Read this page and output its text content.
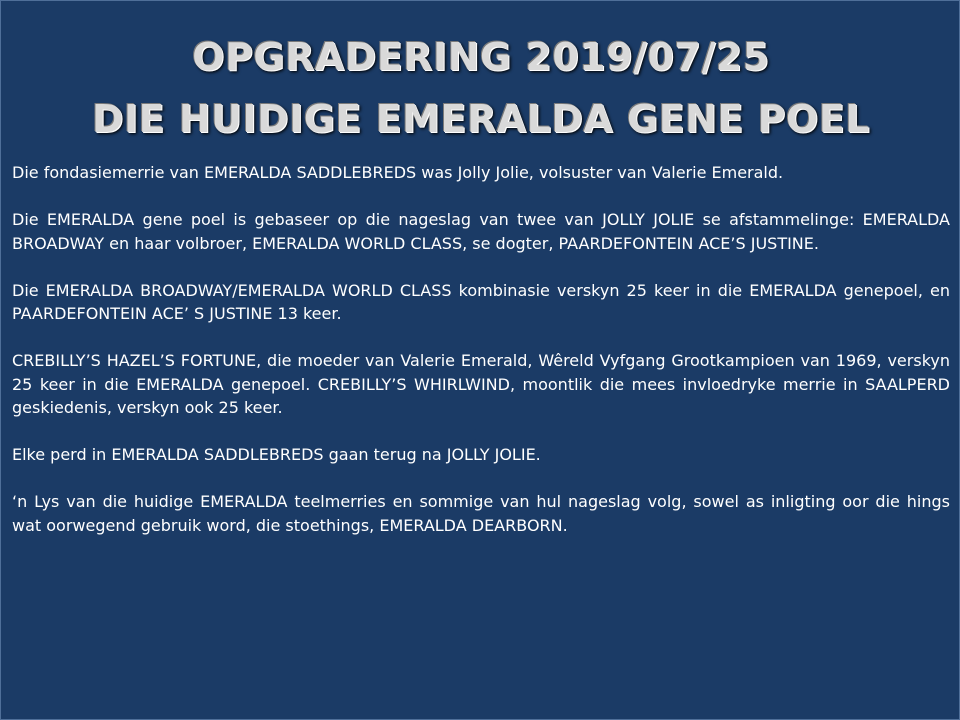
OPGRADERING 2019/07/25
DIE HUIDIGE EMERALDA GENE POEL

Die fondasiemerrie van EMERALDA SADDLEBREDS was Jolly Jolie, volsuster van Valerie Emerald.

Die EMERALDA gene poel is gebaseer op die nageslag van twee van JOLLY JOLIE se afstammelinge: EMERALDA BROADWAY en haar volbroer, EMERALDA WORLD CLASS, se dogter, PAARDEFONTEIN ACE’S JUSTINE.

Die EMERALDA BROADWAY/EMERALDA WORLD CLASS kombinasie verskyn 25 keer in die EMERALDA genepoel, en PAARDEFONTEIN ACE’ S JUSTINE 13 keer.

CREBILLY’S HAZEL’S FORTUNE, die moeder van Valerie Emerald, Wêreld Vyfgang Grootkampioen van 1969, verskyn 25 keer in die EMERALDA genepoel. CREBILLY’S WHIRLWIND, moontlik die mees invloedryke merrie in SAALPERD geskiedenis, verskyn ook 25 keer.

Elke perd in EMERALDA SADDLEBREDS gaan terug na JOLLY JOLIE.

‘n Lys van die huidige EMERALDA teelmerries en sommige van hul nageslag volg, sowel as inligting oor die hings wat oorwegend gebruik word, die stoethings, EMERALDA DEARBORN.
